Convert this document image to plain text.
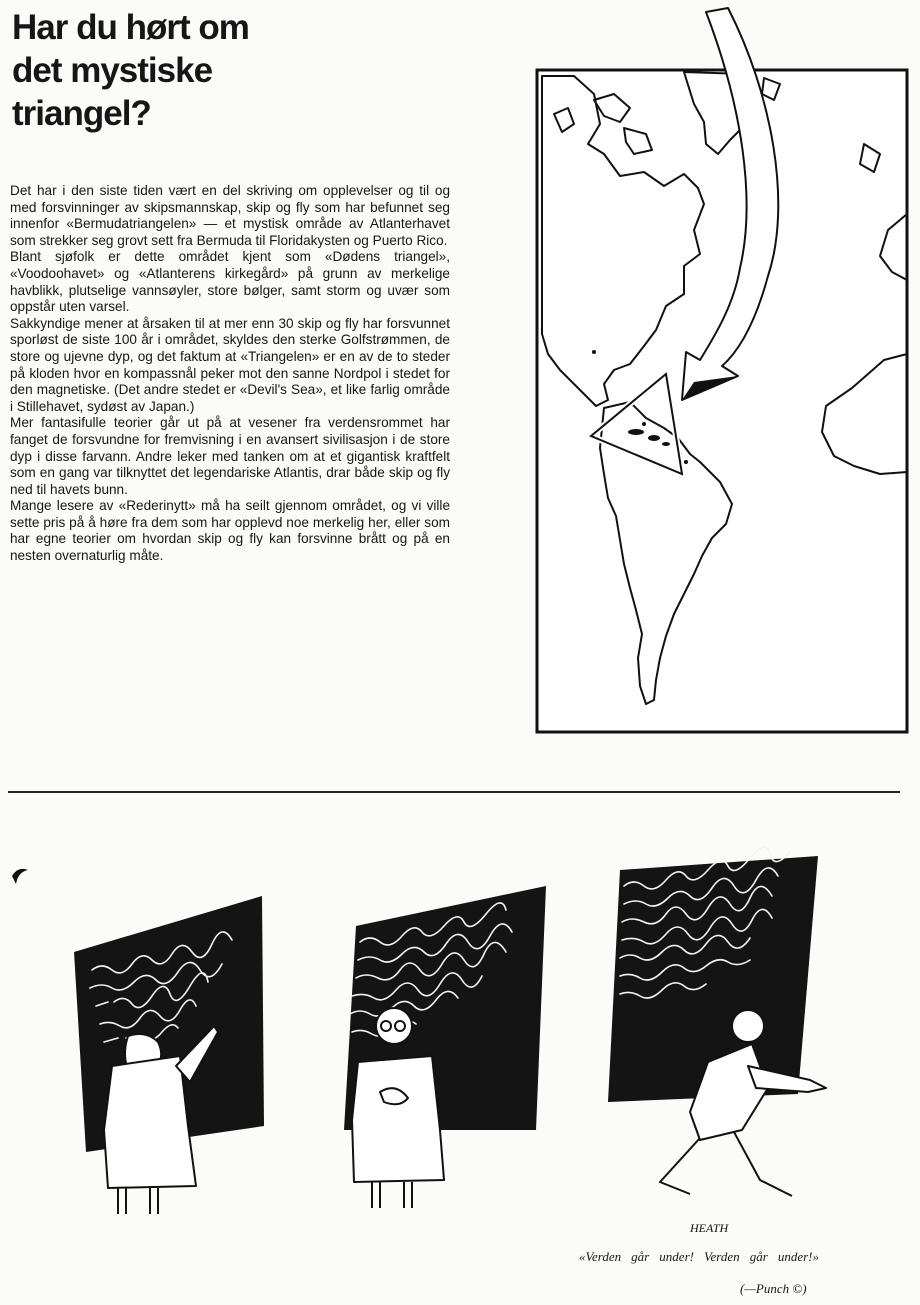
Har du hørt om
det mystiske
triangel?

Det har i den siste tiden vært en del skriving om opplevelser og til og med forsvinninger av skipsmannskap, skip og fly som har befunnet seg innenfor «Bermudatriangelen» — et mystisk område av Atlanterhavet som strekker seg grovt sett fra Bermuda til Floridakysten og Puerto Rico.

Blant sjøfolk er dette området kjent som «Dødens triangel», «Voodoohavet» og «Atlanterens kirkegård» på grunn av merkelige havblikk, plutselige vannsøyler, store bølger, samt storm og uvær som oppstår uten varsel.

Sakkyndige mener at årsaken til at mer enn 30 skip og fly har forsvunnet sporløst de siste 100 år i området, skyldes den sterke Golfstrømmen, de store og ujevne dyp, og det faktum at «Triangelen» er en av de to steder på kloden hvor en kompassnål peker mot den sanne Nordpol i stedet for den magnetiske. (Det andre stedet er «Devil's Sea», et like farlig område i Stillehavet, sydøst av Japan.)

Mer fantasifulle teorier går ut på at vesener fra verdensrommet har fanget de forsvundne for fremvisning i en avansert sivilisasjon i de store dyp i disse farvann. Andre leker med tanken om at et gigantisk kraftfelt som en gang var tilknyttet det legendariske Atlantis, drar både skip og fly ned til havets bunn.

Mange lesere av «Rederinytt» må ha seilt gjennom området, og vi ville sette pris på å høre fra dem som har opplevd noe merkelig her, eller som har egne teorier om hvordan skip og fly kan forsvinne brått og på en nesten overnaturlig måte.

HEATH

«Verden går under! Verden går under!»

(—Punch ©)
